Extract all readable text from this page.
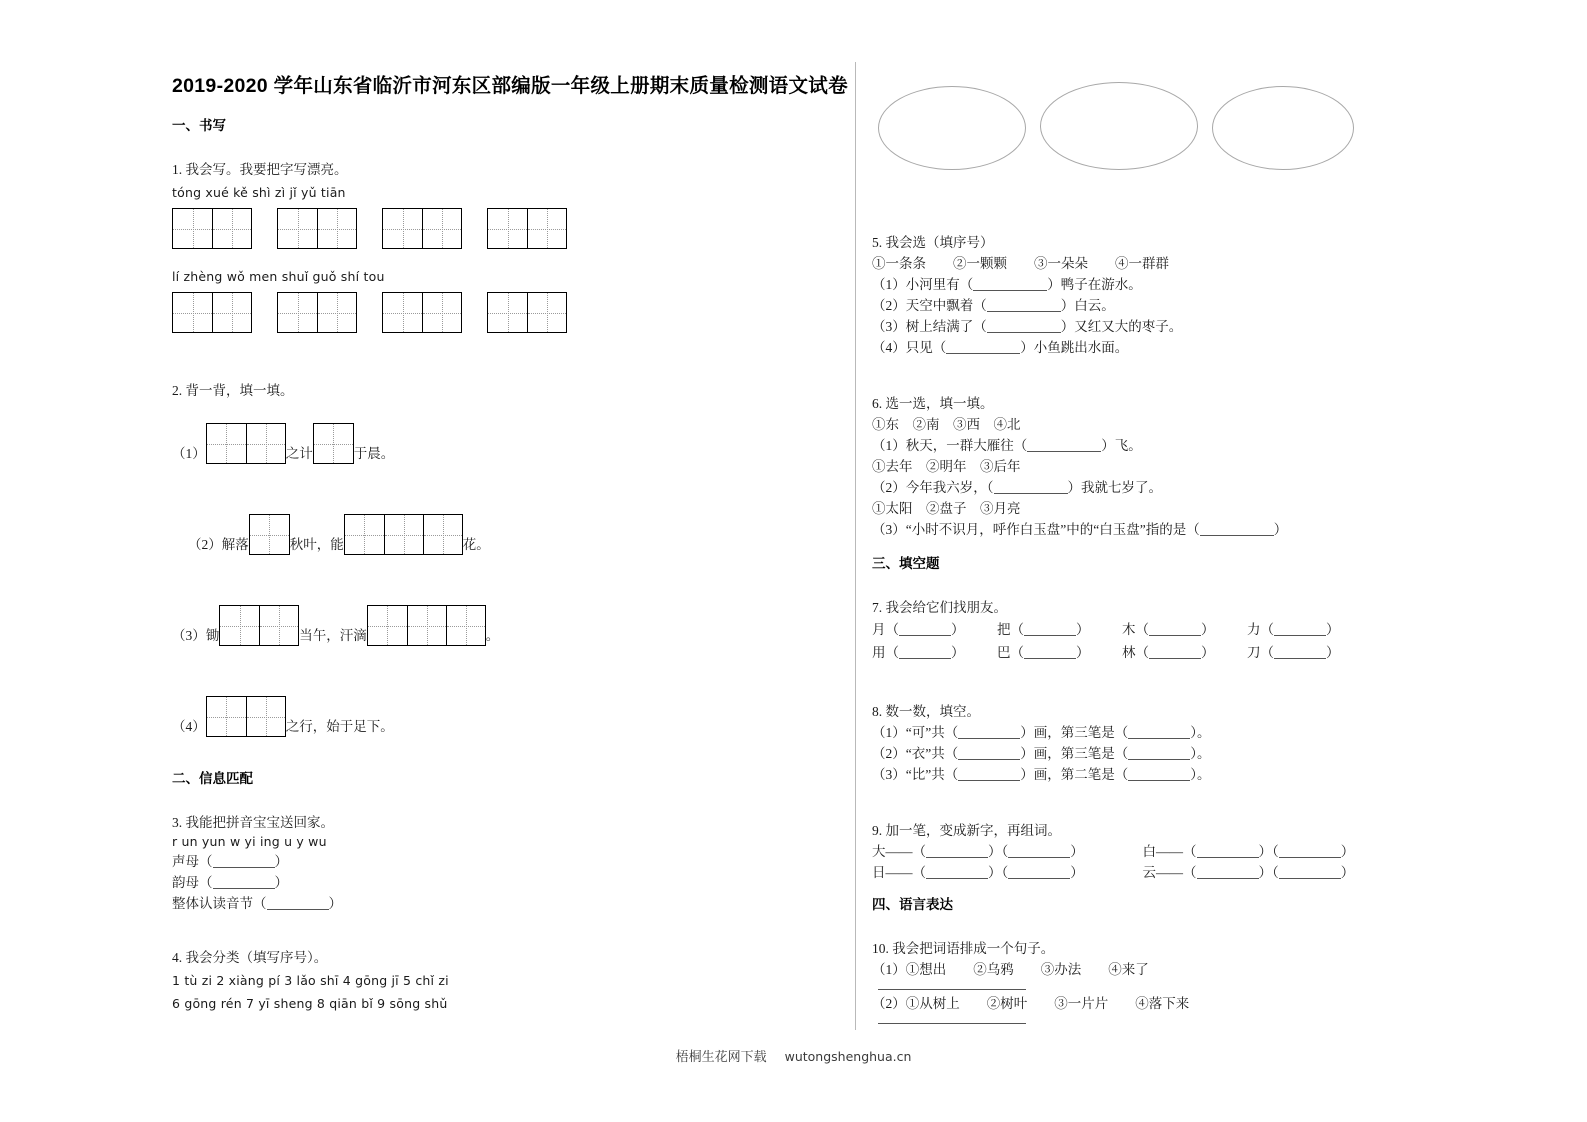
2019-2020 学年山东省临沂市河东区部编版一年级上册期末质量检测语文试卷
一、书写

1. 我会写。我要把字写漂亮。

tóng xué kě shì zì jǐ yǔ tiān

lí zhèng wǒ men shuǐ guǒ shí tou

2. 背一背，填一填。

（1）	之计	于晨。
（2）解落	秋叶，能	花。
（3）锄	当午，汗滴	。
（4）	之行，始于足下。
二、信息匹配

3. 我能把拼音宝宝送回家。

r un yun w yi ing u y wu

声母（	）

韵母（	）

整体认读音节（	）

4. 我会分类（填写序号）。

1 tù zi 2 xiàng pí 3 lǎo shī 4 gōng jī 5 chǐ zi

6 gōng rén 7 yī sheng 8 qiān bǐ 9 sōng shǔ

5. 我会选（填序号）

①一条条　　②一颗颗　　③一朵朵　　④一群群

（1）小河里有（	）鸭子在游水。

（2）天空中飘着（	）白云。

（3）树上结满了（	）又红又大的枣子。

（4）只见（	）小鱼跳出水面。

6. 选一选，填一填。

①东　②南　③西　④北

（1）秋天，一群大雁往（	）飞。

①去年　②明年　③后年

（2）今年我六岁，（	）我就七岁了。

①太阳　②盘子　③月亮

（3）“小时不识月，呼作白玉盘”中的“白玉盘”指的是（	）

三、填空题

7. 我会给它们找朋友。

月（	）	把（	）	木（	）	力（	）
用（	）	巴（	）	林（	）	刀（	）

8. 数一数，填空。

（1）“可”共（	）画，第三笔是（	）。

（2）“衣”共（	）画，第三笔是（	）。

（3）“比”共（	）画，第二笔是（	）。

9. 加一笔，变成新字，再组词。

大——（	）（	）	白——（	）（	）

日——（	）（	）	云——（	）（	）

四、语言表达

10. 我会把词语排成一个句子。

（1）①想出　　②乌鸦　　③办法　　④来了

（2）①从树上　　②树叶　　③一片片　　④落下来

梧桐生花网下载 wutongshenghua.cn
